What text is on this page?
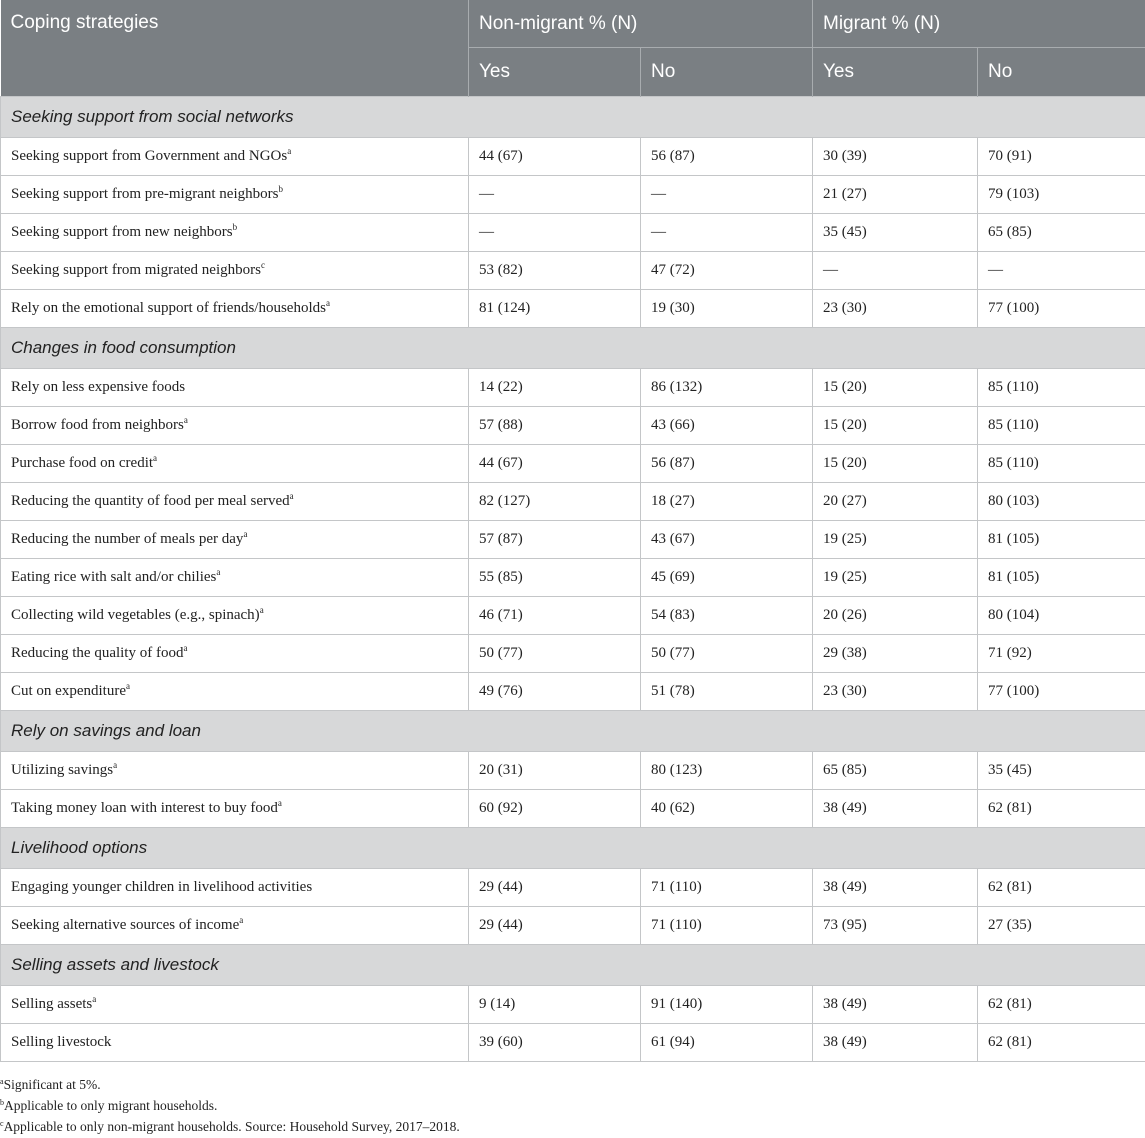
Coping strategies	Non-migrant % (N)		Migrant % (N)	
	Yes	No	Yes	No
Seeking support from social networks				
Seeking support from Government and NGOs$^a$	44 (67)	56 (87)	30 (39)	70 (91)
Seeking support from pre-migrant neighbors$^b$	—	—	21 (27)	79 (103)
Seeking support from new neighbors$^b$	—	—	35 (45)	65 (85)
Seeking support from migrated neighbors$^c$	53 (82)	47 (72)	—	—
Rely on the emotional support of friends/households$^a$	81 (124)	19 (30)	23 (30)	77 (100)
Changes in food consumption				
Rely on less expensive foods	14 (22)	86 (132)	15 (20)	85 (110)
Borrow food from neighbors$^a$	57 (88)	43 (66)	15 (20)	85 (110)
Purchase food on credit$^a$	44 (67)	56 (87)	15 (20)	85 (110)
Reducing the quantity of food per meal served$^a$	82 (127)	18 (27)	20 (27)	80 (103)
Reducing the number of meals per day$^a$	57 (87)	43 (67)	19 (25)	81 (105)
Eating rice with salt and/or chilies$^a$	55 (85)	45 (69)	19 (25)	81 (105)
Collecting wild vegetables (e.g., spinach)$^a$	46 (71)	54 (83)	20 (26)	80 (104)
Reducing the quality of food$^a$	50 (77)	50 (77)	29 (38)	71 (92)
Cut on expenditure$^a$	49 (76)	51 (78)	23 (30)	77 (100)
Rely on savings and loan				
Utilizing savings$^a$	20 (31)	80 (123)	65 (85)	35 (45)
Taking money loan with interest to buy food$^a$	60 (92)	40 (62)	38 (49)	62 (81)
Livelihood options				
Engaging younger children in livelihood activities	29 (44)	71 (110)	38 (49)	62 (81)
Seeking alternative sources of income$^a$	29 (44)	71 (110)	73 (95)	27 (35)
Selling assets and livestock				
Selling assets$^a$	9 (14)	91 (140)	38 (49)	62 (81)
Selling livestock	39 (60)	61 (94)	38 (49)	62 (81)
$^a$Significant at 5%.
$^b$Applicable to only migrant households.
$^c$Applicable to only non-migrant households. Source: Household Survey, 2017–2018.
